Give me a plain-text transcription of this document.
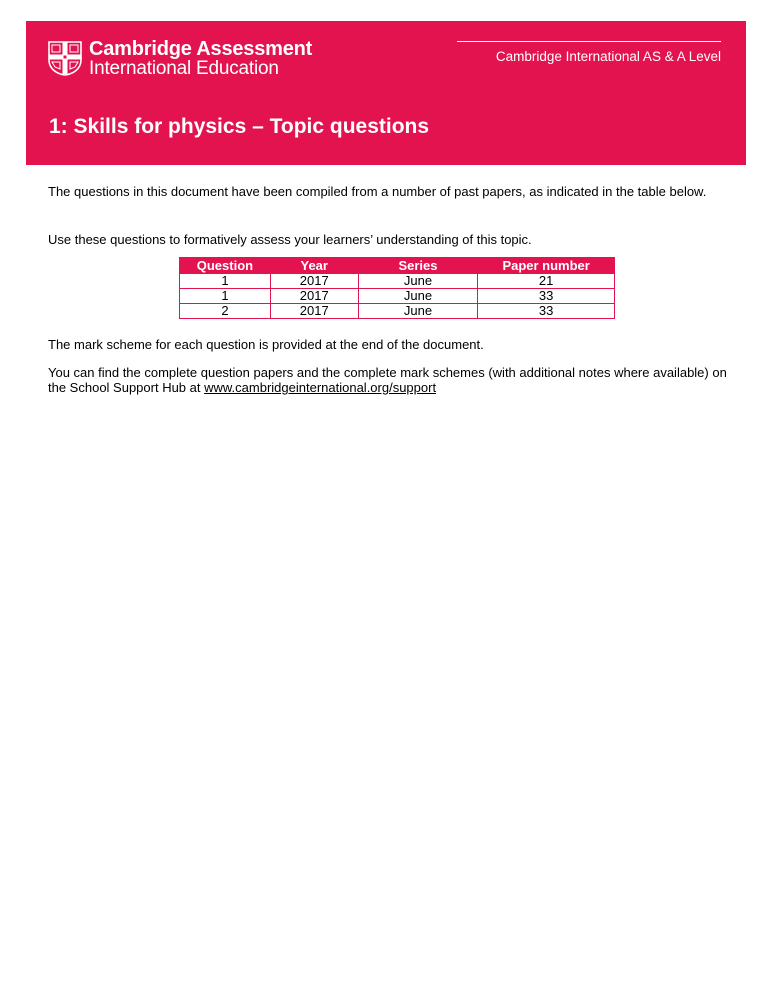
Cambridge Assessment
International Education
Cambridge International AS & A Level
1: Skills for physics – Topic questions

The questions in this document have been compiled from a number of past papers, as indicated in the table below.

Use these questions to formatively assess your learners’ understanding of this topic.

Question	Year	Series	Paper number
1	2017	June	21
1	2017	June	33
2	2017	June	33

The mark scheme for each question is provided at the end of the document.

You can find the complete question papers and the complete mark schemes (with additional notes where available) on the School Support Hub at www.cambridgeinternational.org/support
